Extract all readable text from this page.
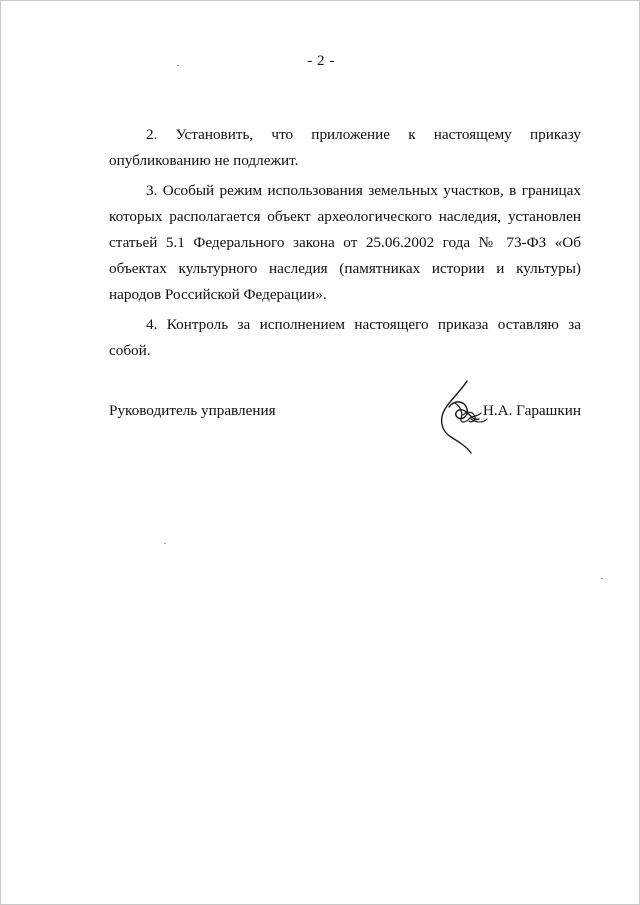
- 2 -

2. Установить, что приложение к настоящему приказу опубликованию не подлежит.

3. Особый режим использования земельных участков, в границах которых располагается объект археологического наследия, установлен статьей 5.1 Федерального закона от 25.06.2002 года № 73-ФЗ «Об объектах культурного наследия (памятниках истории и культуры) народов Российской Федерации».

4. Контроль за исполнением настоящего приказа оставляю за собой.

Руководитель управления	Н.А. Гарашкин
